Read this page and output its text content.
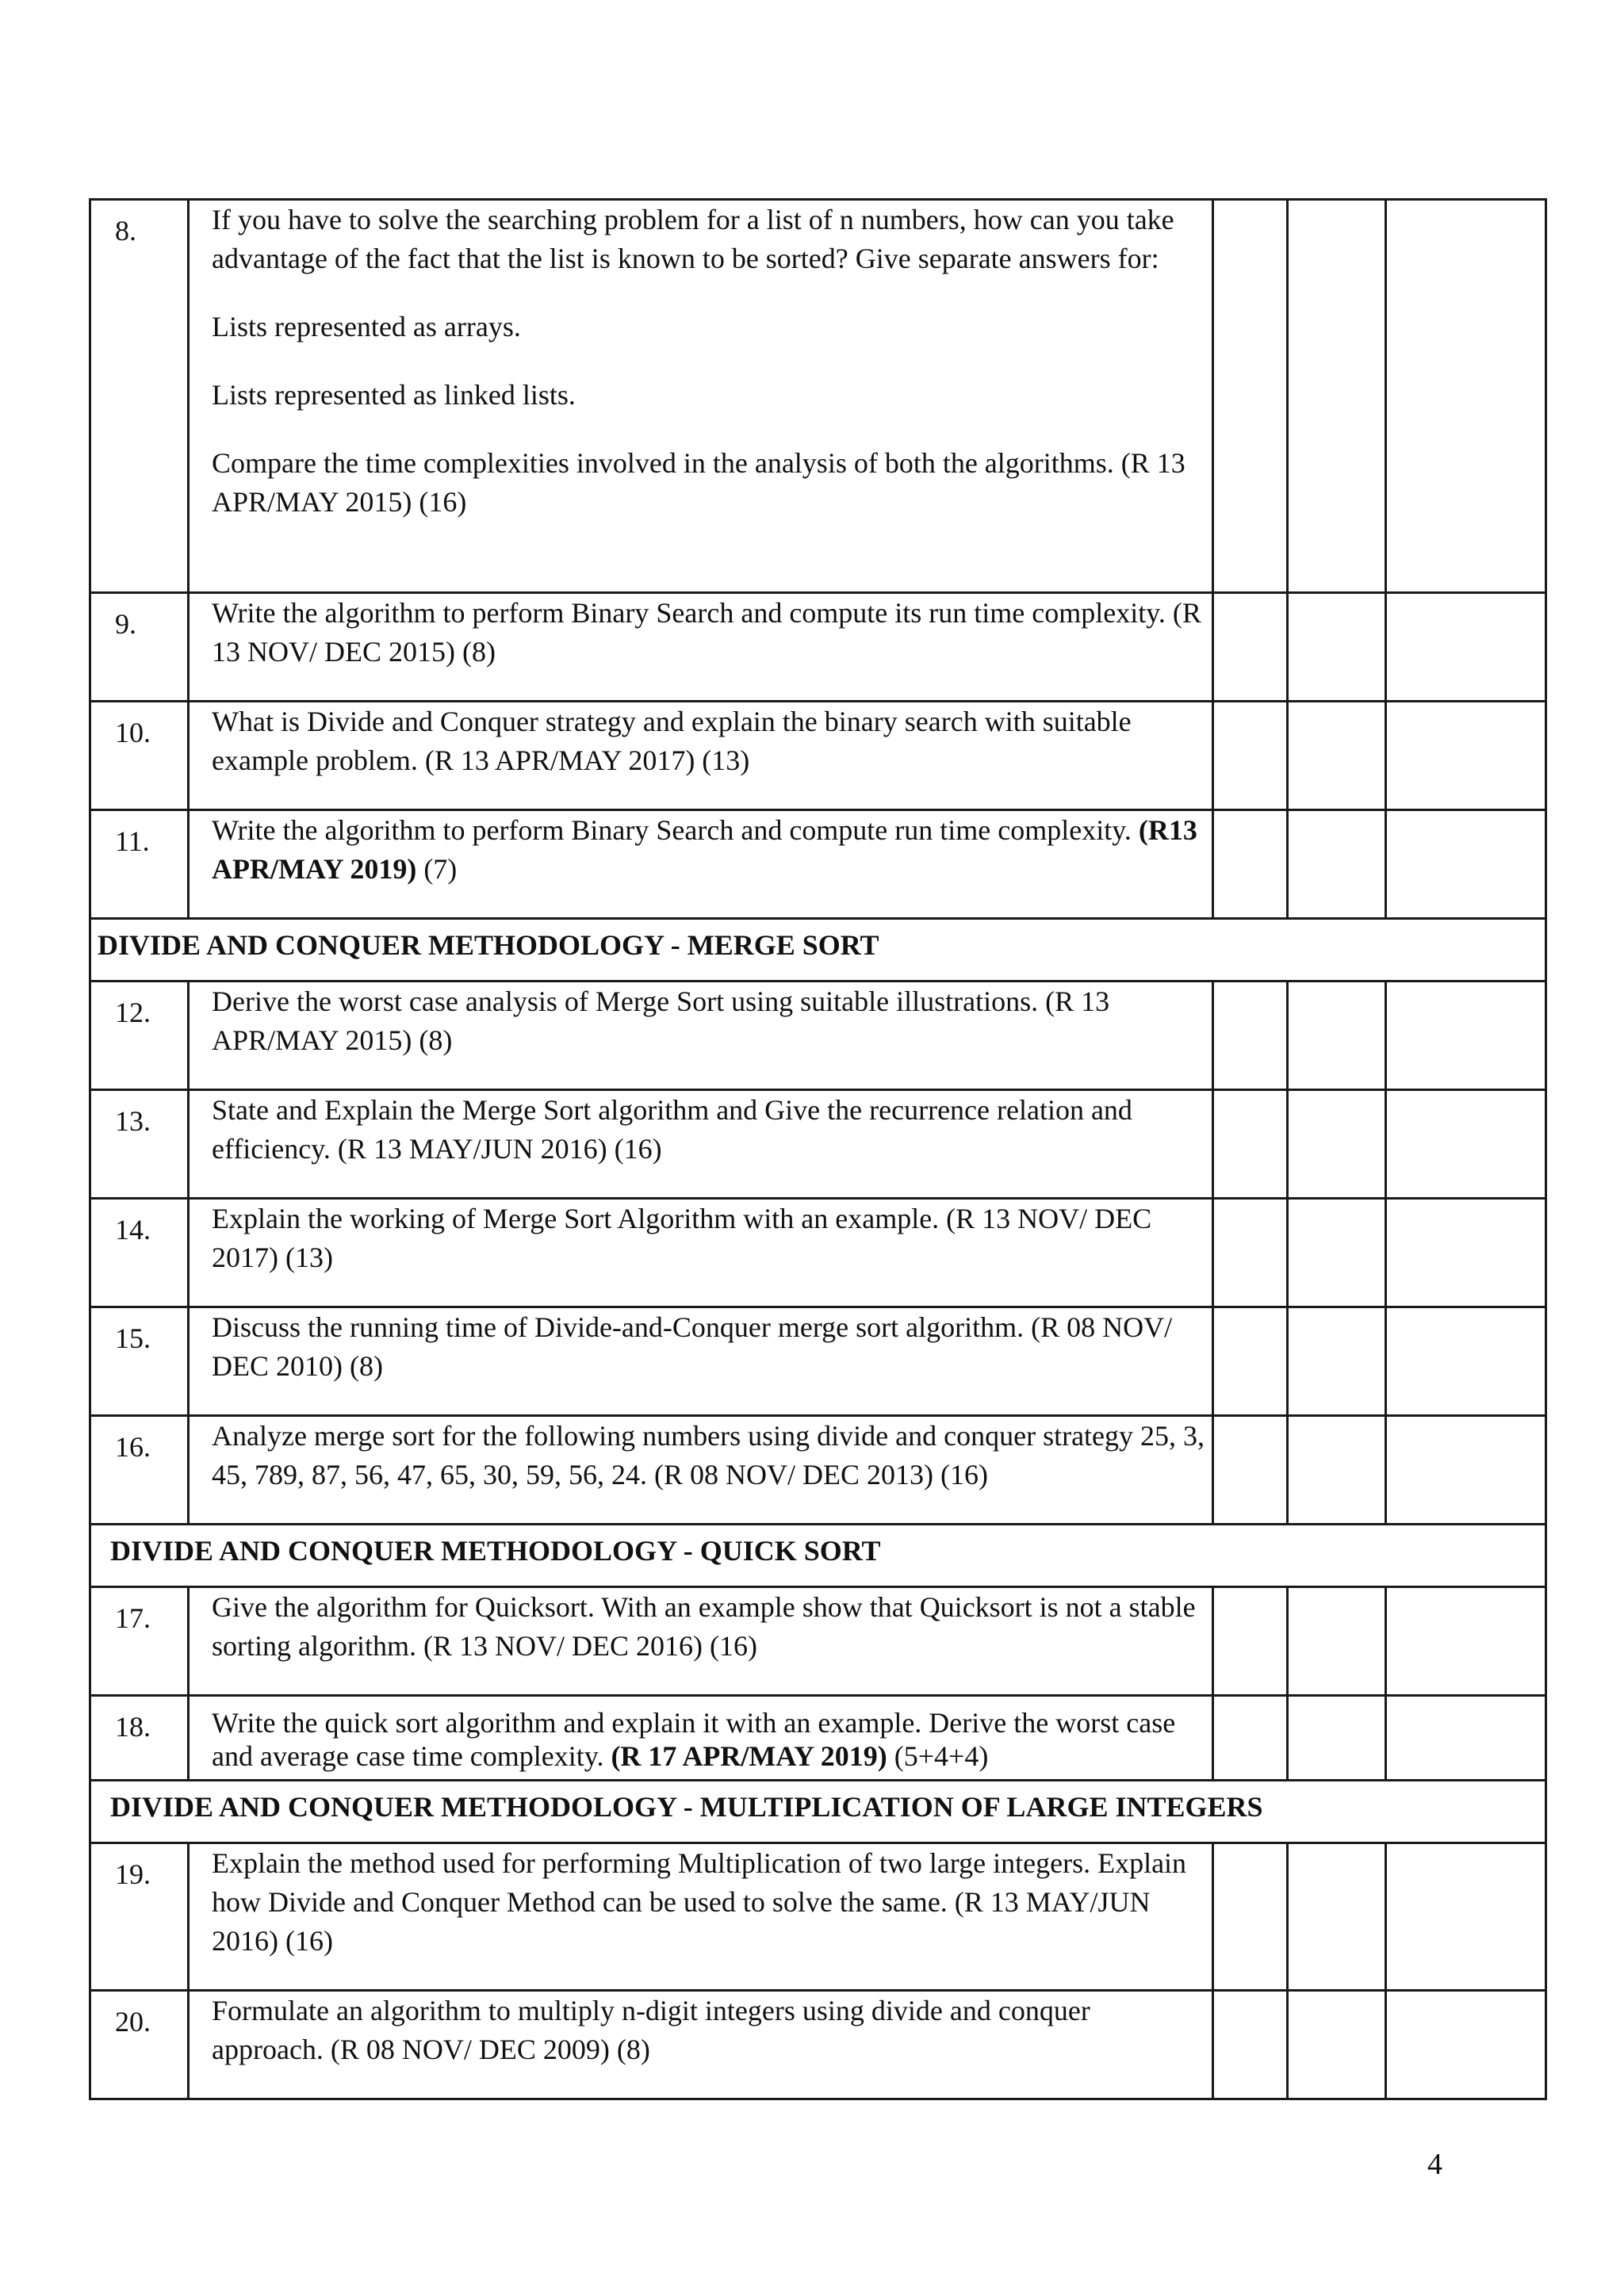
8.	If you have to solve the searching problem for a list of n numbers, how can you take advantage of the fact that the list is known to be sorted? Give separate answers for:

Lists represented as arrays.

Lists represented as linked lists.

Compare the time complexities involved in the analysis of both the algorithms. (R 13 APR/MAY 2015) (16)			

9.	Write the algorithm to perform Binary Search and compute its run time complexity. (R 13 NOV/ DEC 2015) (8)			
10.	What is Divide and Conquer strategy and explain the binary search with suitable example problem. (R 13 APR/MAY 2017) (13)			
11.	Write the algorithm to perform Binary Search and compute run time complexity. (R13 APR/MAY 2019) (7)			
DIVIDE AND CONQUER METHODOLOGY - MERGE SORT				
12.	Derive the worst case analysis of Merge Sort using suitable illustrations. (R 13 APR/MAY 2015) (8)			
13.	State and Explain the Merge Sort algorithm and Give the recurrence relation and efficiency. (R 13 MAY/JUN 2016) (16)			
14.	Explain the working of Merge Sort Algorithm with an example. (R 13 NOV/ DEC 2017) (13)			
15.	Discuss the running time of Divide-and-Conquer merge sort algorithm. (R 08 NOV/ DEC 2010) (8)			
16.	Analyze merge sort for the following numbers using divide and conquer strategy 25, 3, 45, 789, 87, 56, 47, 65, 30, 59, 56, 24. (R 08 NOV/ DEC 2013) (16)			
DIVIDE AND CONQUER METHODOLOGY - QUICK SORT				
17.	Give the algorithm for Quicksort. With an example show that Quicksort is not a stable sorting algorithm. (R 13 NOV/ DEC 2016) (16)			
18.	Write the quick sort algorithm and explain it with an example. Derive the worst case and average case time complexity. (R 17 APR/MAY 2019) (5+4+4)			
DIVIDE AND CONQUER METHODOLOGY - MULTIPLICATION OF LARGE INTEGERS				
19.	Explain the method used for performing Multiplication of two large integers. Explain how Divide and Conquer Method can be used to solve the same. (R 13 MAY/JUN 2016) (16)			
20.	Formulate an algorithm to multiply n-digit integers using divide and conquer approach. (R 08 NOV/ DEC 2009) (8)			
4
